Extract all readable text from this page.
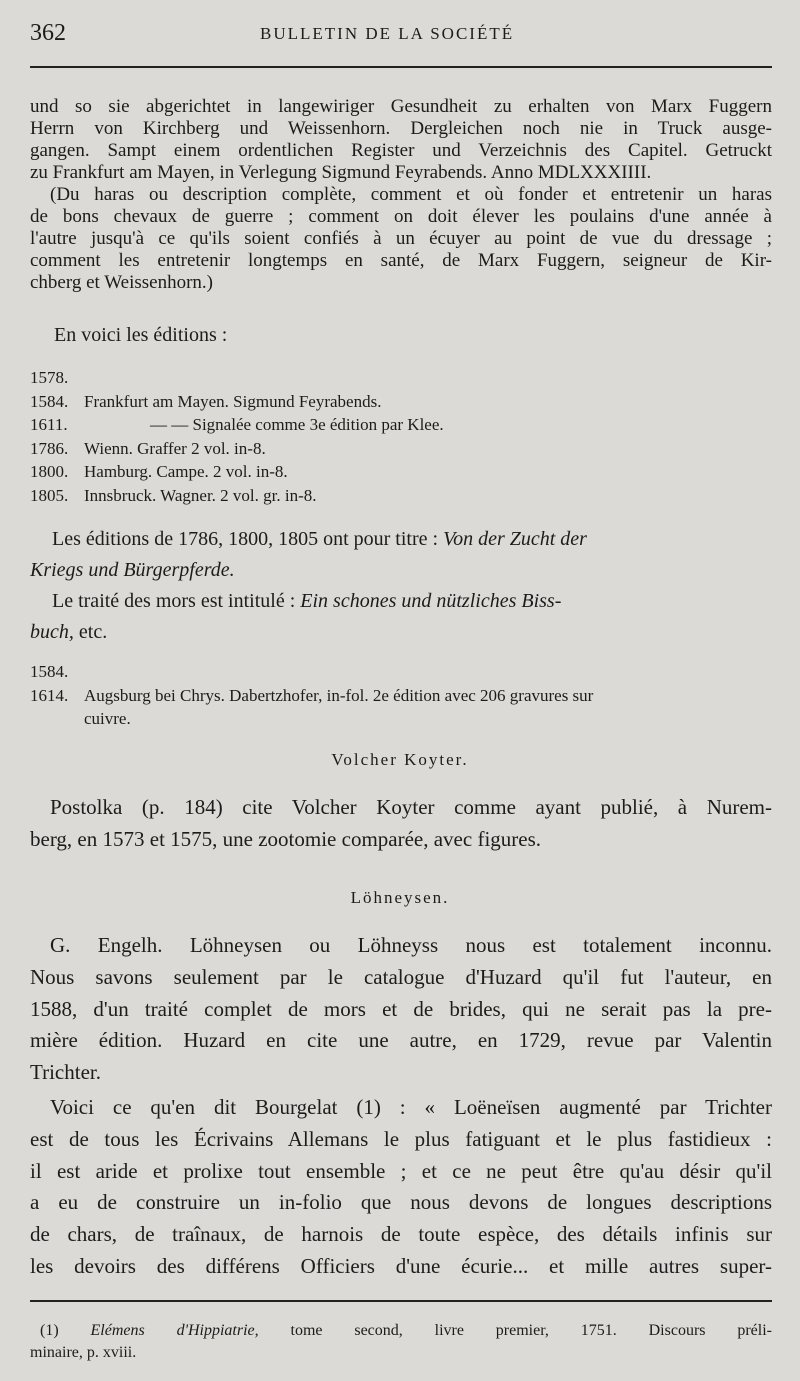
362	BULLETIN DE LA SOCIÉTÉ
und so sie abgerichtet in langewiriger Gesundheit zu erhalten von Marx Fuggern
Herrn von Kirchberg und Weissenhorn. Dergleichen noch nie in Truck ausge-
gangen. Sampt einem ordentlichen Register und Verzeichnis des Capitel. Getruckt
zu Frankfurt am Mayen, in Verlegung Sigmund Feyrabends. Anno MDLXXXIIII.
(Du haras ou description complète, comment et où fonder et entretenir un haras
de bons chevaux de guerre ; comment on doit élever les poulains d'une année à
l'autre jusqu'à ce qu'ils soient confiés à un écuyer au point de vue du dressage ;
comment les entretenir longtemps en santé, de Marx Fuggern, seigneur de Kir-
chberg et Weissenhorn.)
En voici les éditions :
1578.
1584. Frankfurt am Mayen. Sigmund Feyrabends.
1611.	— — Signalée comme 3e édition par Klee.
1786. Wienn. Graffer 2 vol. in-8.
1800. Hamburg. Campe. 2 vol. in-8.
1805. Innsbruck. Wagner. 2 vol. gr. in-8.
Les éditions de 1786, 1800, 1805 ont pour titre : Von der Zucht der
Kriegs und Bürgerpferde.
Le traité des mors est intitulé : Ein schones und nützliches Biss-
buch, etc.
1584.
1614. Augsburg bei Chrys. Dabertzhofer, in-fol. 2e édition avec 206 gravures sur
cuivre.
Volcher Koyter.
Postolka (p. 184) cite Volcher Koyter comme ayant publié, à Nurem-
berg, en 1573 et 1575, une zootomie comparée, avec figures.
Löhneysen.
G. Engelh. Löhneysen ou Löhneyss nous est totalement inconnu.
Nous savons seulement par le catalogue d'Huzard qu'il fut l'auteur, en
1588, d'un traité complet de mors et de brides, qui ne serait pas la pre-
mière édition. Huzard en cite une autre, en 1729, revue par Valentin
Trichter.
Voici ce qu'en dit Bourgelat (1) : « Loëneïsen augmenté par Trichter
est de tous les Écrivains Allemans le plus fatiguant et le plus fastidieux :
il est aride et prolixe tout ensemble ; et ce ne peut être qu'au désir qu'il
a eu de construire un in-folio que nous devons de longues descriptions
de chars, de traînaux, de harnois de toute espèce, des détails infinis sur
les devoirs des différens Officiers d'une écurie... et mille autres super-
(1) Elémens d'Hippiatrie, tome second, livre premier, 1751. Discours préli-
minaire, p. xviii.
